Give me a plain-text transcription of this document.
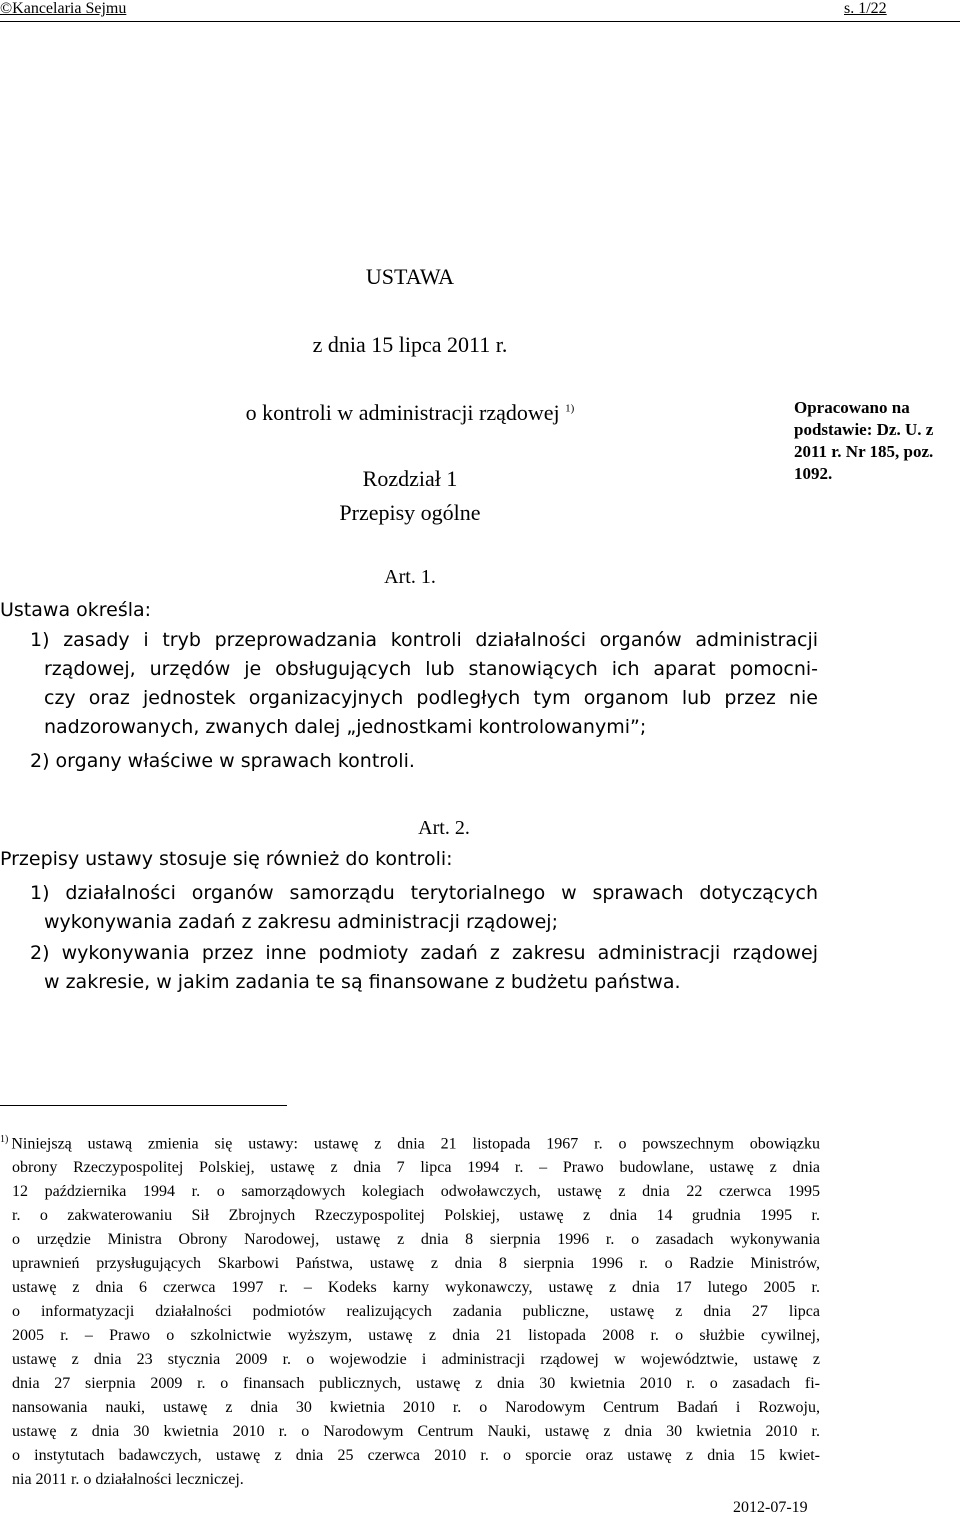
©Kancelaria Sejmu	s. 1/22
USTAWA
z dnia 15 lipca 2011 r.
o kontroli w administracji rządowej $^{1)}$
Rozdział 1
Przepisy ogólne
Opracowano na
podstawie: Dz. U. z
2011 r. Nr 185, poz.
1092.
Art. 1.
Ustawa określa:
1) zasady i tryb przeprowadzania kontroli działalności organów administracji
rządowej, urzędów je obsługujących lub stanowiących ich aparat pomocni-
czy oraz jednostek organizacyjnych podległych tym organom lub przez nie
nadzorowanych, zwanych dalej „jednostkami kontrolowanymi”;
2) organy właściwe w sprawach kontroli.
Art. 2.
Przepisy ustawy stosuje się również do kontroli:
1) działalności organów samorządu terytorialnego w sprawach dotyczących
wykonywania zadań z zakresu administracji rządowej;
2) wykonywania przez inne podmioty zadań z zakresu administracji rządowej
w zakresie, w jakim zadania te są finansowane z budżetu państwa.
$^{1)}$ Niniejszą ustawą zmienia się ustawy: ustawę z dnia 21 listopada 1967 r. o powszechnym obowiązku
obrony Rzeczypospolitej Polskiej, ustawę z dnia 7 lipca 1994 r. – Prawo budowlane, ustawę z dnia
12 października 1994 r. o samorządowych kolegiach odwoławczych, ustawę z dnia 22 czerwca 1995
r. o zakwaterowaniu Sił Zbrojnych Rzeczypospolitej Polskiej, ustawę z dnia 14 grudnia 1995 r.
o urzędzie Ministra Obrony Narodowej, ustawę z dnia 8 sierpnia 1996 r. o zasadach wykonywania
uprawnień przysługujących Skarbowi Państwa, ustawę z dnia 8 sierpnia 1996 r. o Radzie Ministrów,
ustawę z dnia 6 czerwca 1997 r. – Kodeks karny wykonawczy, ustawę z dnia 17 lutego 2005 r.
o informatyzacji działalności podmiotów realizujących zadania publiczne, ustawę z dnia 27 lipca
2005 r. – Prawo o szkolnictwie wyższym, ustawę z dnia 21 listopada 2008 r. o służbie cywilnej,
ustawę z dnia 23 stycznia 2009 r. o wojewodzie i administracji rządowej w województwie, ustawę z
dnia 27 sierpnia 2009 r. o finansach publicznych, ustawę z dnia 30 kwietnia 2010 r. o zasadach fi-
nansowania nauki, ustawę z dnia 30 kwietnia 2010 r. o Narodowym Centrum Badań i Rozwoju,
ustawę z dnia 30 kwietnia 2010 r. o Narodowym Centrum Nauki, ustawę z dnia 30 kwietnia 2010 r.
o instytutach badawczych, ustawę z dnia 25 czerwca 2010 r. o sporcie oraz ustawę z dnia 15 kwiet-
nia 2011 r. o działalności leczniczej.
2012-07-19
